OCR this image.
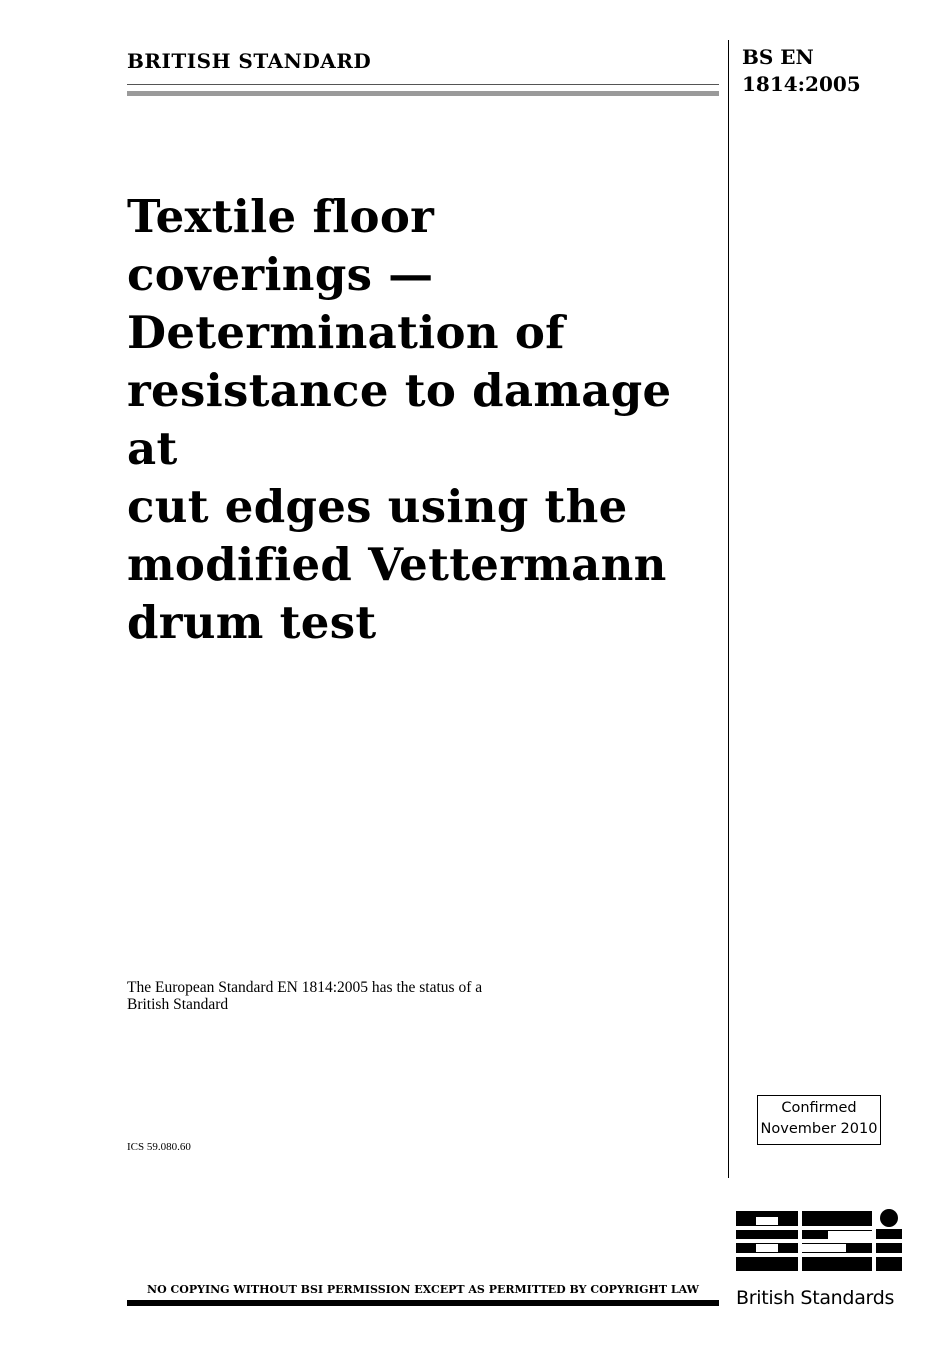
BRITISH STANDARD	BS EN
1814:2005
Textile floor
coverings —
Determination of
resistance to damage at
cut edges using the
modified Vettermann
drum test
The European Standard EN 1814:2005 has the status of a
British Standard
ICS 59.080.60
Confirmed
November 2010
NO COPYING WITHOUT BSI PERMISSION EXCEPT AS PERMITTED BY COPYRIGHT LAW	British Standards
